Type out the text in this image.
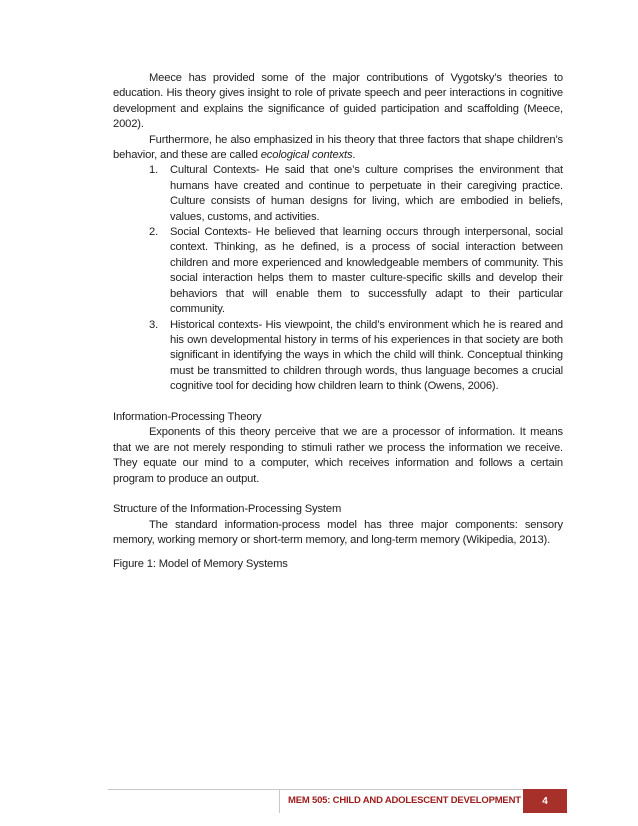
Meece has provided some of the major contributions of Vygotsky’s theories to education. His theory gives insight to role of private speech and peer interactions in cognitive development and explains the significance of guided participation and scaffolding (Meece, 2002).

Furthermore, he also emphasized in his theory that three factors that shape children’s behavior, and these are called ecological contexts.

1. Cultural Contexts- He said that one’s culture comprises the environment that humans have created and continue to perpetuate in their caregiving practice. Culture consists of human designs for living, which are embodied in beliefs, values, customs, and activities.
2. Social Contexts- He believed that learning occurs through interpersonal, social context. Thinking, as he defined, is a process of social interaction between children and more experienced and knowledgeable members of community. This social interaction helps them to master culture-specific skills and develop their behaviors that will enable them to successfully adapt to their particular community.
3. Historical contexts- His viewpoint, the child’s environment which he is reared and his own developmental history in terms of his experiences in that society are both significant in identifying the ways in which the child will think. Conceptual thinking must be transmitted to children through words, thus language becomes a crucial cognitive tool for deciding how children learn to think (Owens, 2006).

Information-Processing Theory

Exponents of this theory perceive that we are a processor of information. It means that we are not merely responding to stimuli rather we process the information we receive. They equate our mind to a computer, which receives information and follows a certain program to produce an output.

Structure of the Information-Processing System

The standard information-process model has three major components: sensory memory, working memory or short-term memory, and long-term memory (Wikipedia, 2013).

Figure 1: Model of Memory Systems

MEM 505: CHILD AND ADOLESCENT DEVELOPMENT 4
